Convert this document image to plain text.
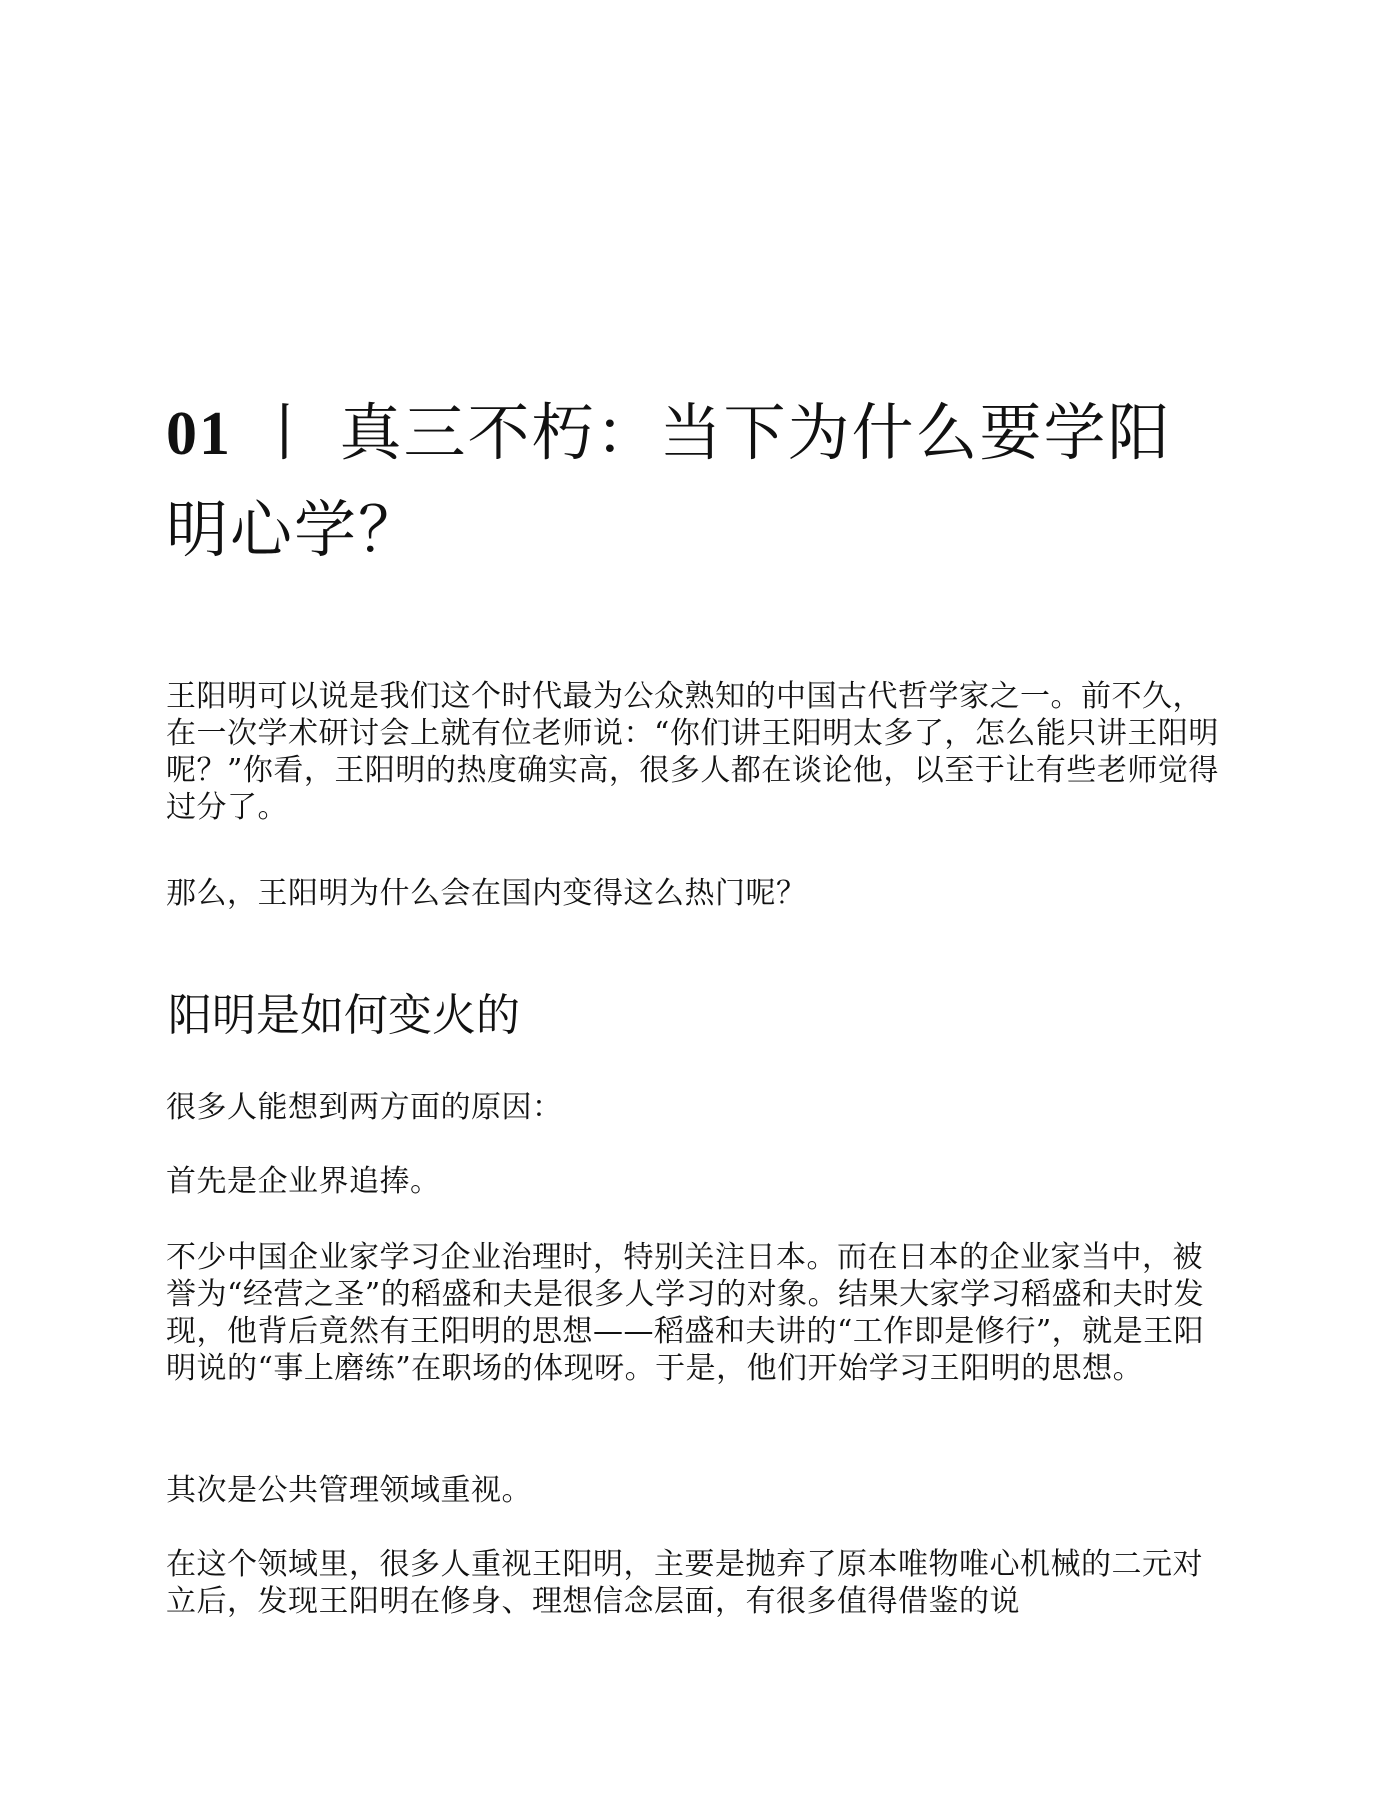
01 丨 真三不朽：当下为什么要学阳
明心学？

王阳明可以说是我们这个时代最为公众熟知的中国古代哲学家之一。前不久，在一次学术研讨会上就有位老师说：“你们讲王阳明太多了，怎么能只讲王阳明呢？”你看，王阳明的热度确实高，很多人都在谈论他，以至于让有些老师觉得过分了。

那么，王阳明为什么会在国内变得这么热门呢？

阳明是如何变火的

很多人能想到两方面的原因：

首先是企业界追捧。

不少中国企业家学习企业治理时，特别关注日本。而在日本的企业家当中，被誉为“经营之圣”的稻盛和夫是很多人学习的对象。结果大家学习稻盛和夫时发现，他背后竟然有王阳明的思想——稻盛和夫讲的“工作即是修行”，就是王阳明说的“事上磨练”在职场的体现呀。于是，他们开始学习王阳明的思想。

其次是公共管理领域重视。

在这个领域里，很多人重视王阳明，主要是抛弃了原本唯物唯心机械的二元对立后，发现王阳明在修身、理想信念层面，有很多值得借鉴的说
